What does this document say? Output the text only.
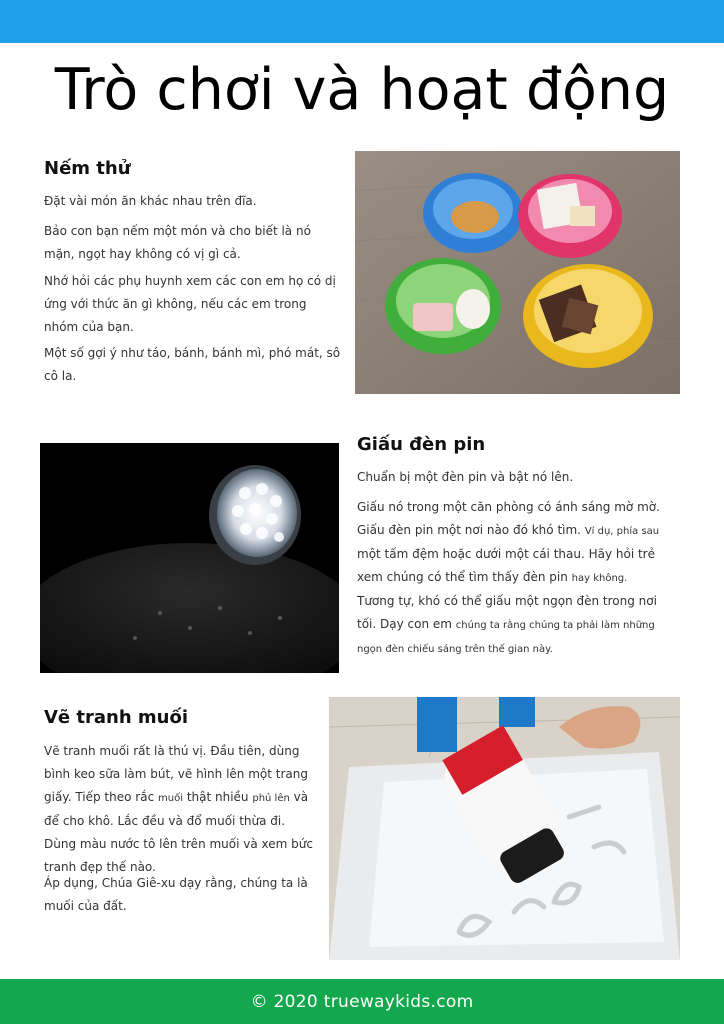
Trò chơi và hoạt động
Nếm thử

Đặt vài món ăn khác nhau trên đĩa.

Bảo con bạn nếm một món và cho biết là nó mặn, ngọt hay không có vị gì cả.

Nhớ hỏi các phụ huynh xem các con em họ có dị ứng với thức ăn gì không, nếu các em trong nhóm của bạn.

Một số gợi ý như táo, bánh, bánh mì, phó mát, sô cô la.

Giấu đèn pin

Chuẩn bị một đèn pin và bật nó lên.

Giấu nó trong một căn phòng có ánh sáng mờ mờ. Giấu đèn pin một nơi nào đó khó tìm. Ví dụ, phía sau một tấm đệm hoặc dưới một cái thau. Hãy hỏi trẻ xem chúng có thể tìm thấy đèn pin hay không.

Tương tự, khó có thể giấu một ngọn đèn trong nơi tối. Dạy con em chúng ta rằng chúng ta phải làm những ngọn đèn chiếu sáng trên thế gian này.

Vẽ tranh muối

Vẽ tranh muối rất là thú vị. Đầu tiên, dùng bình keo sữa làm bút, vẽ hình lên một trang giấy. Tiếp theo rắc muối thật nhiều phủ lên và để cho khô. Lắc đều và đổ muối thừa đi. Dùng màu nước tô lên trên muối và xem bức tranh đẹp thế nào.

Áp dụng, Chúa Giê-xu dạy rằng, chúng ta là muối của đất.

© 2020 truewaykids.com
